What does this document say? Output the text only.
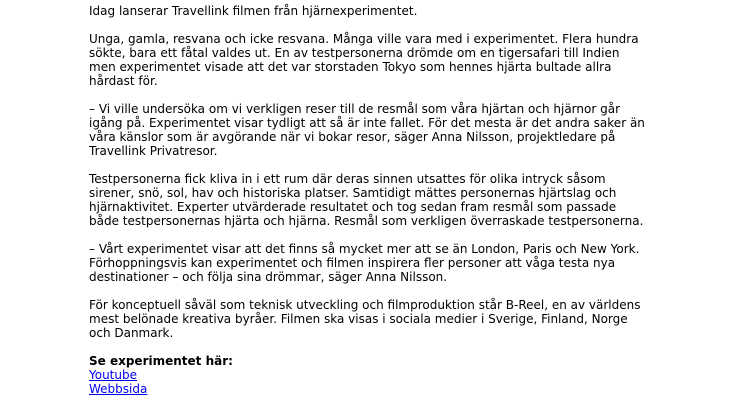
Idag lanserar Travellink filmen från hjärnexperimentet.

Unga, gamla, resvana och icke resvana. Många ville vara med i experimentet. Flera hundra
sökte, bara ett fåtal valdes ut. En av testpersonerna drömde om en tigersafari till Indien
men experimentet visade att det var storstaden Tokyo som hennes hjärta bultade allra
hårdast för.

– Vi ville undersöka om vi verkligen reser till de resmål som våra hjärtan och hjärnor går
igång på. Experimentet visar tydligt att så är inte fallet. För det mesta är det andra saker än
våra känslor som är avgörande när vi bokar resor, säger Anna Nilsson, projektledare på
Travellink Privatresor.

Testpersonerna fick kliva in i ett rum där deras sinnen utsattes för olika intryck såsom
sirener, snö, sol, hav och historiska platser. Samtidigt mättes personernas hjärtslag och
hjärnaktivitet. Experter utvärderade resultatet och tog sedan fram resmål som passade
både testpersonernas hjärta och hjärna. Resmål som verkligen överraskade testpersonerna.

– Vårt experimentet visar att det finns så mycket mer att se än London, Paris och New York.
Förhoppningsvis kan experimentet och filmen inspirera fler personer att våga testa nya
destinationer – och följa sina drömmar, säger Anna Nilsson.

För konceptuell såväl som teknisk utveckling och filmproduktion står B-Reel, en av världens
mest belönade kreativa byråer. Filmen ska visas i sociala medier i Sverige, Finland, Norge
och Danmark.

Se experimentet här:
Youtube
Webbsida
